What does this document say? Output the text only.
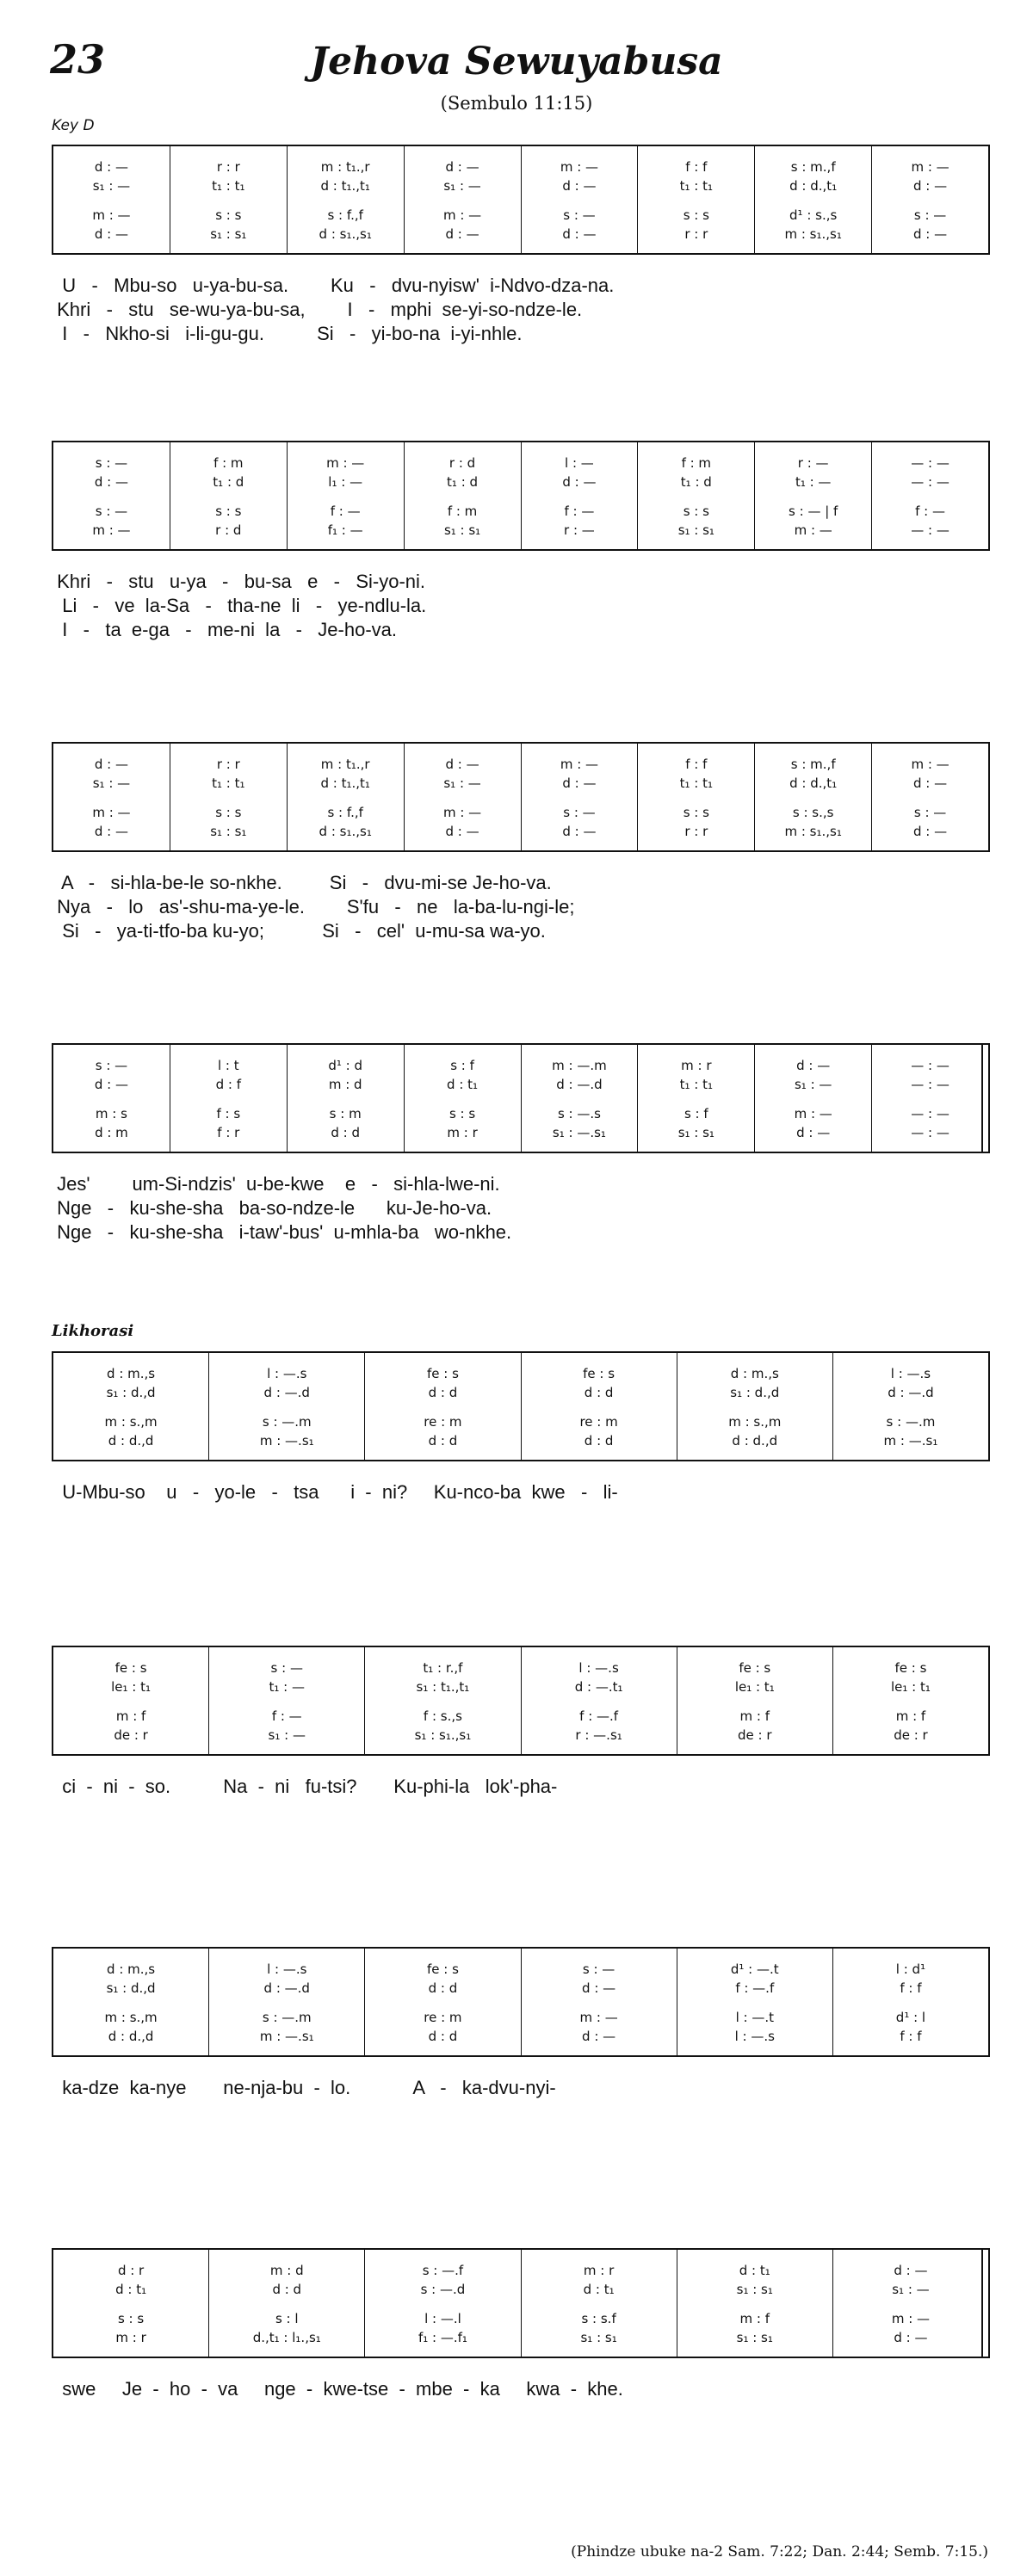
23	Jehova Sewuyabusa
(Sembulo 11:15)
Key D
Likhorasi
d : —
s₁ : —
m : —
d : —
r : r
t₁ : t₁
s : s
s₁ : s₁
m : t₁.,r
d : t₁.,t₁
s : f.,f
d : s₁.,s₁
d : —
s₁ : —
m : —
d : —
m : —
d : —
s : —
d : —
f : f
t₁ : t₁
s : s
r : r
s : m.,f
d : d.,t₁
d¹ : s.,s
m : s₁.,s₁
m : —
d : —
s : —
d : —
U   -   Mbu-so   u-ya-bu-sa.        Ku   -   dvu-nyisw'  i-Ndvo-dza-na.
Khri   -   stu   se-wu-ya-bu-sa,        I   -   mphi  se-yi-so-ndze-le.
I   -   Nkho-si   i-li-gu-gu.          Si   -   yi-bo-na  i-yi-nhle.
s : —
d : —
s : —
m : —
f : m
t₁ : d
s : s
r : d
m : —
l₁ : —
f : —
f₁ : —
r : d
t₁ : d
f : m
s₁ : s₁
l : —
d : —
f : —
r : —
f : m
t₁ : d
s : s
s₁ : s₁
r : —
t₁ : —
s : — | f
m : —
— : —
— : —
f : —
— : —
Khri   -   stu   u-ya   -   bu-sa   e   -   Si-yo-ni.
Li   -   ve  la-Sa   -   tha-ne  li   -   ye-ndlu-la.
I   -   ta  e-ga   -   me-ni  la   -   Je-ho-va.
d : —
s₁ : —
m : —
d : —
r : r
t₁ : t₁
s : s
s₁ : s₁
m : t₁.,r
d : t₁.,t₁
s : f.,f
d : s₁.,s₁
d : —
s₁ : —
m : —
d : —
m : —
d : —
s : —
d : —
f : f
t₁ : t₁
s : s
r : r
s : m.,f
d : d.,t₁
s : s.,s
m : s₁.,s₁
m : —
d : —
s : —
d : —
A   -   si-hla-be-le so-nkhe.         Si   -   dvu-mi-se Je-ho-va.
Nya   -   lo   as'-shu-ma-ye-le.        S'fu   -   ne   la-ba-lu-ngi-le;
Si   -   ya-ti-tfo-ba ku-yo;           Si   -   cel'  u-mu-sa wa-yo.
s : —
d : —
m : s
d : m
l : t
d : f
f : s
f : r
d¹ : d
m : d
s : m
d : d
s : f
d : t₁
s : s
m : r
m : —.m
d : —.d
s : —.s
s₁ : —.s₁
m : r
t₁ : t₁
s : f
s₁ : s₁
d : —
s₁ : —
m : —
d : —
— : —
— : —
— : —
— : —
Jes'        um-Si-ndzis'  u-be-kwe    e   -   si-hla-lwe-ni.
Nge   -   ku-she-sha   ba-so-ndze-le      ku-Je-ho-va.
Nge   -   ku-she-sha   i-taw'-bus'  u-mhla-ba   wo-nkhe.
d : m.,s
s₁ : d.,d
m : s.,m
d : d.,d
l : —.s
d : —.d
s : —.m
m : —.s₁
fe : s
d : d
re : m
d : d
fe : s
d : d
re : m
d : d
d : m.,s
s₁ : d.,d
m : s.,m
d : d.,d
l : —.s
d : —.d
s : —.m
m : —.s₁
U-Mbu-so    u   -   yo-le   -   tsa      i  -  ni?     Ku-nco-ba  kwe   -   li-
fe : s
le₁ : t₁
m : f
de : r
s : —
t₁ : —
f : —
s₁ : —
t₁ : r.,f
s₁ : t₁.,t₁
f : s.,s
s₁ : s₁.,s₁
l : —.s
d : —.t₁
f : —.f
r : —.s₁
fe : s
le₁ : t₁
m : f
de : r
fe : s
le₁ : t₁
m : f
de : r
ci  -  ni  -  so.          Na  -  ni   fu-tsi?       Ku-phi-la   lok'-pha-
d : m.,s
s₁ : d.,d
m : s.,m
d : d.,d
l : —.s
d : —.d
s : —.m
m : —.s₁
fe : s
d : d
re : m
d : d
s : —
d : —
m : —
d : —
d¹ : —.t
f : —.f
l : —.t
l : —.s
l : d¹
f : f
d¹ : l
f : f
ka-dze  ka-nye       ne-nja-bu  -  lo.            A   -   ka-dvu-nyi-
d : r
d : t₁
s : s
m : r
m : d
d : d
s : l
d.,t₁ : l₁.,s₁
s : —.f
s : —.d
l : —.l
f₁ : —.f₁
m : r
d : t₁
s : s.f
s₁ : s₁
d : t₁
s₁ : s₁
m : f
s₁ : s₁
d : —
s₁ : —
m : —
d : —
swe     Je  -  ho  -  va     nge  -  kwe-tse  -  mbe  -  ka     kwa  -  khe.
(Phindze ubuke na-2 Sam. 7:22; Dan. 2:44; Semb. 7:15.)
